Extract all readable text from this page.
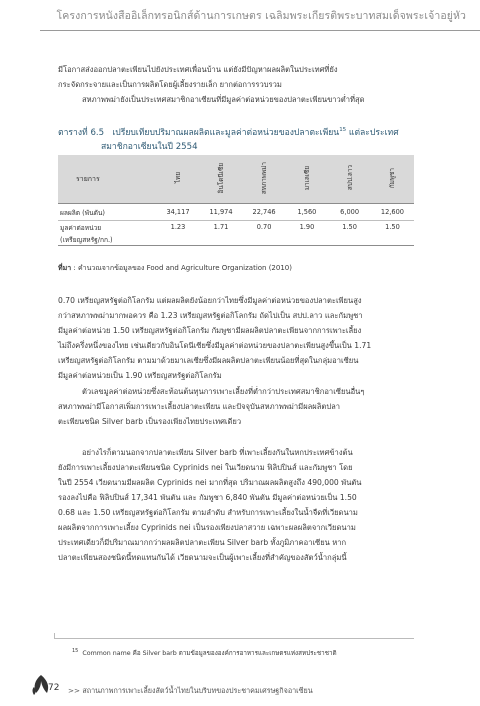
โครงการหนังสืออิเล็กทรอนิกส์ด้านการเกษตร เฉลิมพระเกียรติพระบาทสมเด็จพระเจ้าอยู่หัว

มีโอกาสส่งออกปลาตะเพียนไปยังประเทศเพื่อนบ้าน แต่ยังมีปัญหาผลผลิตในประเทศที่ยัง
กระจัดกระจายและเป็นการผลิตโดยผู้เลี้ยงรายเล็ก ยากต่อการรวบรวม
สหภาพพม่ายังเป็นประเทศสมาชิกอาเซียนที่มีมูลค่าต่อหน่วยของปลาตะเพียนขาวต่ำที่สุด

ตารางที่ 6.5 เปรียบเทียบปริมาณผลผลิตและมูลค่าต่อหน่วยของปลาตะเพียน$^{15}$ แต่ละประเทศ
สมาชิกอาเซียนในปี 2554
รายการ	ไทย	อินโดนีเซีย	สหภาพพม่า	มาเลเซีย	สปป.ลาว	กัมพูชา
ผลผลิต (พันตัน)	34,117	11,974	22,746	1,560	6,000	12,600
มูลค่าต่อหน่วย	1.23	1.71	0.70	1.90	1.50	1.50
(เหรียญสหรัฐ/กก.)						
ที่มา : คำนวณจากข้อมูลของ Food and Agriculture Organization (2010)

0.70 เหรียญสหรัฐต่อกิโลกรัม แต่ผลผลิตยังน้อยกว่าไทยซึ่งมีมูลค่าต่อหน่วยของปลาตะเพียนสูง
กว่าสหภาพพม่ามากพอควร คือ 1.23 เหรียญสหรัฐต่อกิโลกรัม ถัดไปเป็น สปป.ลาว และกัมพูชา
มีมูลค่าต่อหน่วย 1.50 เหรียญสหรัฐต่อกิโลกรัม กัมพูชามีผลผลิตปลาตะเพียนจากการเพาะเลี้ยง
ไม่ถึงครึ่งหนึ่งของไทย เช่นเดียวกับอินโดนีเซียซึ่งมีมูลค่าต่อหน่วยของปลาตะเพียนสูงขึ้นเป็น 1.71
เหรียญสหรัฐต่อกิโลกรัม ตามมาด้วยมาเลเซียซึ่งมีผลผลิตปลาตะเพียนน้อยที่สุดในกลุ่มอาเซียน
มีมูลค่าต่อหน่วยเป็น 1.90 เหรียญสหรัฐต่อกิโลกรัม

ตัวเลขมูลค่าต่อหน่วยซึ่งสะท้อนต้นทุนการเพาะเลี้ยงที่ต่ำกว่าประเทศสมาชิกอาเซียนอื่นๆ
สหภาพพม่ามีโอกาสเพิ่มการเพาะเลี้ยงปลาตะเพียน และปัจจุบันสหภาพพม่ามีผลผลิตปลา
ตะเพียนชนิด Silver barb เป็นรองเพียงไทยประเทศเดียว

อย่างไรก็ตามนอกจากปลาตะเพียน Silver barb ที่เพาะเลี้ยงกันในหกประเทศข้างต้น
ยังมีการเพาะเลี้ยงปลาตะเพียนชนิด Cyprinids nei ในเวียดนาม ฟิลิปปินส์ และกัมพูชา โดย
ในปี 2554 เวียดนามมีผลผลิต Cyprinids nei มากที่สุด ปริมาณผลผลิตสูงถึง 490,000 พันตัน
รองลงไปคือ ฟิลิปปินส์ 17,341 พันตัน และ กัมพูชา 6,840 พันตัน มีมูลค่าต่อหน่วยเป็น 1.50
0.68 และ 1.50 เหรียญสหรัฐต่อกิโลกรัม ตามลำดับ สำหรับการเพาะเลี้ยงในน้ำจืดที่เวียดนาม
ผลผลิตจากการเพาะเลี้ยง Cyprinids nei เป็นรองเพียงปลาสวาย เฉพาะผลผลิตจากเวียดนาม
ประเทศเดียวก็มีปริมาณมากกว่าผลผลิตปลาตะเพียน Silver barb ทั้งภูมิภาคอาเซียน หาก
ปลาตะเพียนสองชนิดนี้ทดแทนกันได้ เวียดนามจะเป็นผู้เพาะเลี้ยงที่สำคัญของสัตว์น้ำกลุ่มนี้

$^{15}$ Common name คือ Silver barb ตามข้อมูลขององค์การอาหารและเกษตรแห่งสหประชาชาติ
72 >> สถานภาพการเพาะเลี้ยงสัตว์น้ำไทยในบริบทของประชาคมเศรษฐกิจอาเซียน
